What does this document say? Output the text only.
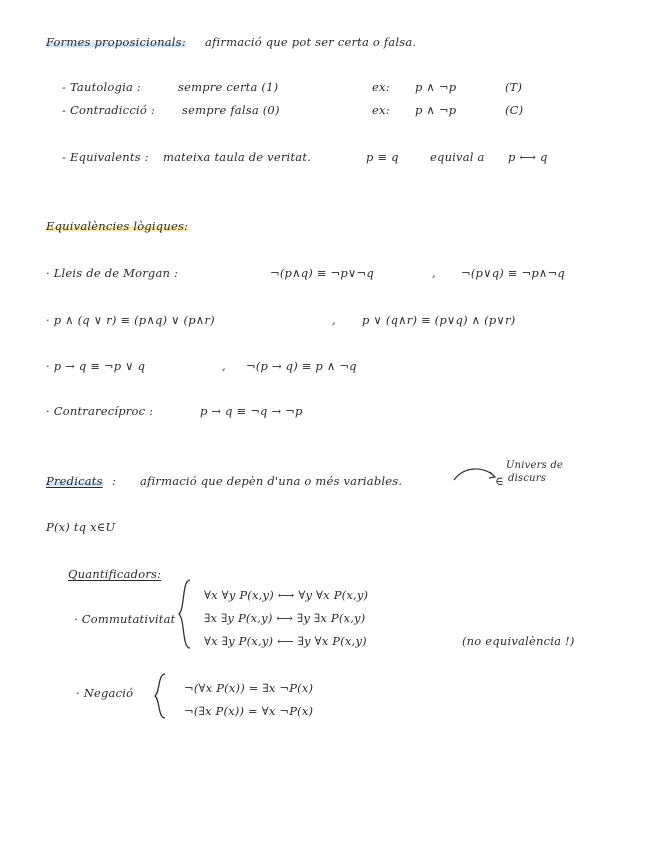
Formes proposicionals: afirmació que pot ser certa o falsa.
- Tautologia :	sempre certa (1)	ex: p ∧ ¬p	(T)
- Contradicció : sempre falsa (0)	ex: p ∧ ¬p	(C)
- Equivalents : mateixa taula de veritat.	p ≡ q	equival a p ⟷ q
Equivalències lògiques:
· Lleis de de Morgan :	¬(p∧q) ≡ ¬p∨¬q	, ¬(p∨q) ≡ ¬p∧¬q
· p ∧ (q ∨ r) ≡ (p∧q) ∨ (p∧r)	, p ∨ (q∧r) ≡ (p∨q) ∧ (p∨r)
· p → q ≡ ¬p ∨ q	, ¬(p → q) ≡ p ∧ ¬q
· Contrarecíproc :	p → q ≡ ¬q → ¬p
Predicats : afirmació que depèn d'una o més variables.	∈
Univers de
discurs
P(x) tq x∈U
Quantificadors:
· Commutativitat
∀x ∀y P(x,y) ⟷ ∀y ∀x P(x,y)
∃x ∃y P(x,y) ⟷ ∃y ∃x P(x,y)
∀x ∃y P(x,y) ⟵ ∃y ∀x P(x,y)	(no equivalència !)
· Negació	¬(∀x P(x)) = ∃x ¬P(x)
¬(∃x P(x)) = ∀x ¬P(x)
